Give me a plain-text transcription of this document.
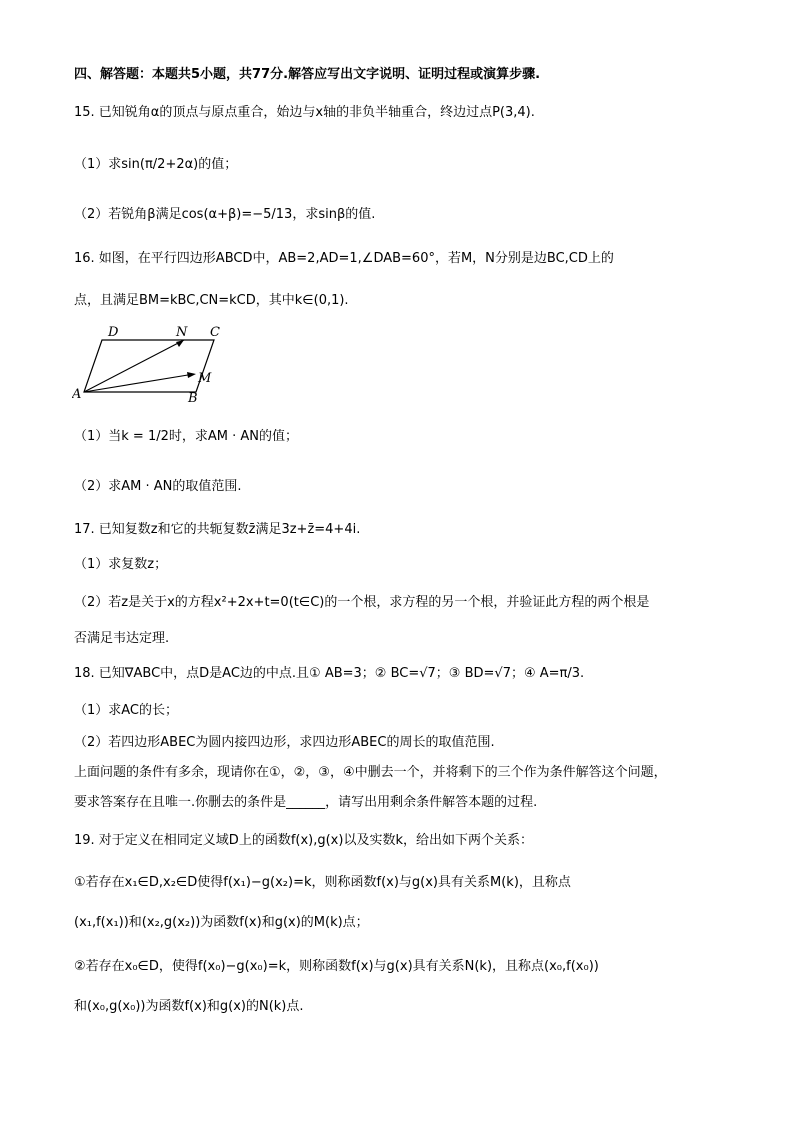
四、解答题：本题共5小题，共77分.解答应写出文字说明、证明过程或演算步骤.
15. 已知锐角α的顶点与原点重合，始边与x轴的非负半轴重合，终边过点P(3,4).
（1）求sin(π/2+2α)的值；
（2）若锐角β满足cos(α+β)=−5/13，求sinβ的值.
16. 如图，在平行四边形ABCD中，AB=2,AD=1,∠DAB=60°，若M，N分别是边BC,CD上的
点，且满足BM=kBC,CN=kCD，其中k∈(0,1).
A	B
C
D
M
N
（1）当k = 1/2时，求AM · AN的值；
（2）求AM · AN的取值范围.
17. 已知复数z和它的共轭复数z̄满足3z+z̄=4+4i.
（1）求复数z；
（2）若z是关于x的方程x²+2x+t=0(t∈C)的一个根，求方程的另一个根，并验证此方程的两个根是
否满足韦达定理.
18. 已知∇ABC中，点D是AC边的中点.且① AB=3；② BC=√7；③ BD=√7；④ A=π/3.
（1）求AC的长；
（2）若四边形ABEC为圆内接四边形，求四边形ABEC的周长的取值范围.
上面问题的条件有多余，现请你在①，②，③，④中删去一个，并将剩下的三个作为条件解答这个问题，
要求答案存在且唯一.你删去的条件是______，请写出用剩余条件解答本题的过程.
19. 对于定义在相同定义域D上的函数f(x),g(x)以及实数k，给出如下两个关系：
①若存在x₁∈D,x₂∈D使得f(x₁)−g(x₂)=k，则称函数f(x)与g(x)具有关系M(k)，且称点
(x₁,f(x₁))和(x₂,g(x₂))为函数f(x)和g(x)的M(k)点；
②若存在x₀∈D，使得f(x₀)−g(x₀)=k，则称函数f(x)与g(x)具有关系N(k)，且称点(x₀,f(x₀))
和(x₀,g(x₀))为函数f(x)和g(x)的N(k)点.
